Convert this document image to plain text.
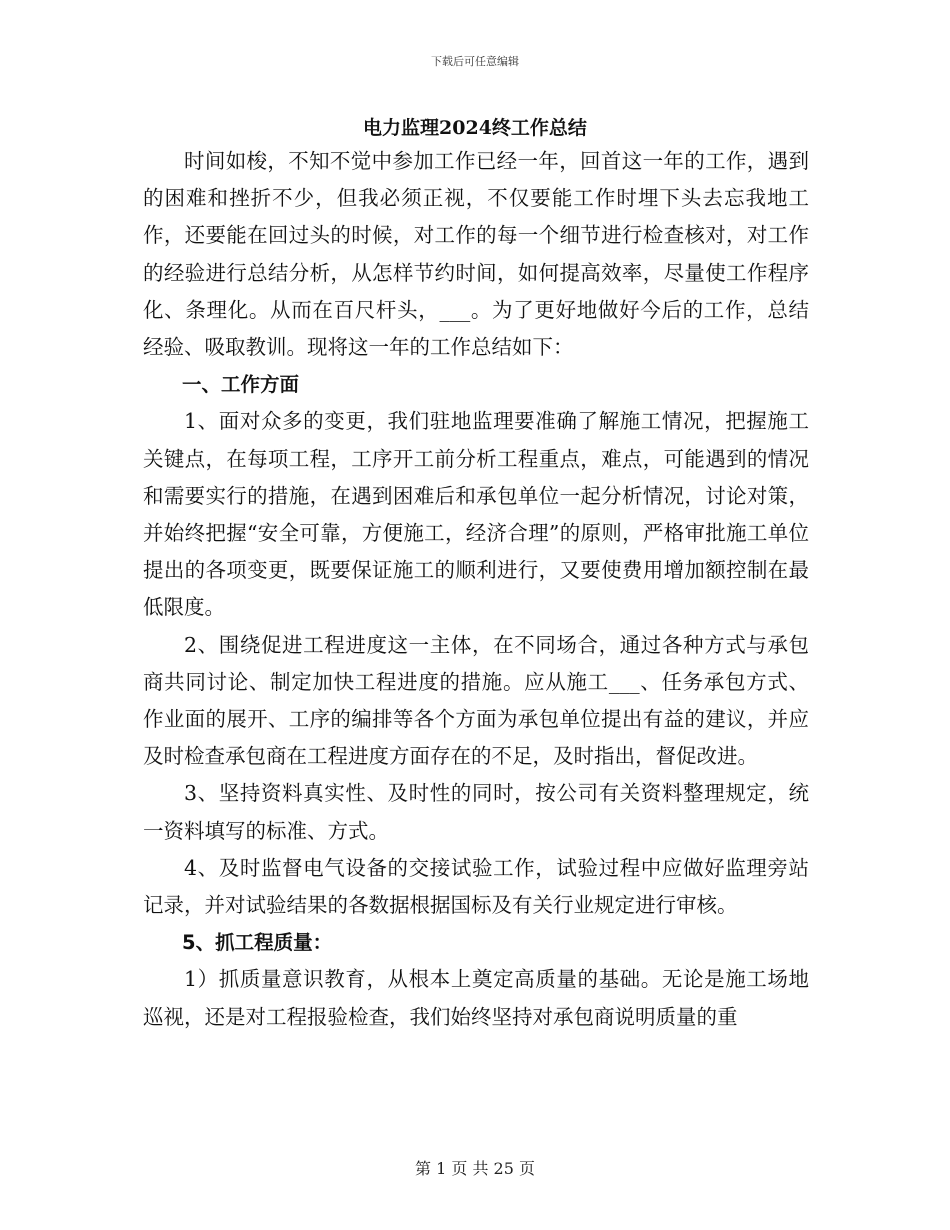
下载后可任意编辑
电力监理2024终工作总结

时间如梭，不知不觉中参加工作已经一年，回首这一年的工作，遇到的困难和挫折不少，但我必须正视，不仅要能工作时埋下头去忘我地工作，还要能在回过头的时候，对工作的每一个细节进行检查核对，对工作的经验进行总结分析，从怎样节约时间，如何提高效率，尽量使工作程序化、条理化。从而在百尺杆头，___。为了更好地做好今后的工作，总结经验、吸取教训。现将这一年的工作总结如下：

一、工作方面

1、面对众多的变更，我们驻地监理要准确了解施工情况，把握施工关键点，在每项工程，工序开工前分析工程重点，难点，可能遇到的情况和需要实行的措施，在遇到困难后和承包单位一起分析情况，讨论对策，并始终把握“安全可靠，方便施工，经济合理”的原则，严格审批施工单位提出的各项变更，既要保证施工的顺利进行，又要使费用增加额控制在最低限度。

2、围绕促进工程进度这一主体，在不同场合，通过各种方式与承包商共同讨论、制定加快工程进度的措施。应从施工___、任务承包方式、作业面的展开、工序的编排等各个方面为承包单位提出有益的建议，并应及时检查承包商在工程进度方面存在的不足，及时指出，督促改进。

3、坚持资料真实性、及时性的同时，按公司有关资料整理规定，统一资料填写的标准、方式。

4、及时监督电气设备的交接试验工作，试验过程中应做好监理旁站记录，并对试验结果的各数据根据国标及有关行业规定进行审核。

5、抓工程质量：

1）抓质量意识教育，从根本上奠定高质量的基础。无论是施工场地巡视，还是对工程报验检查，我们始终坚持对承包商说明质量的重

第 1 页 共 25 页
